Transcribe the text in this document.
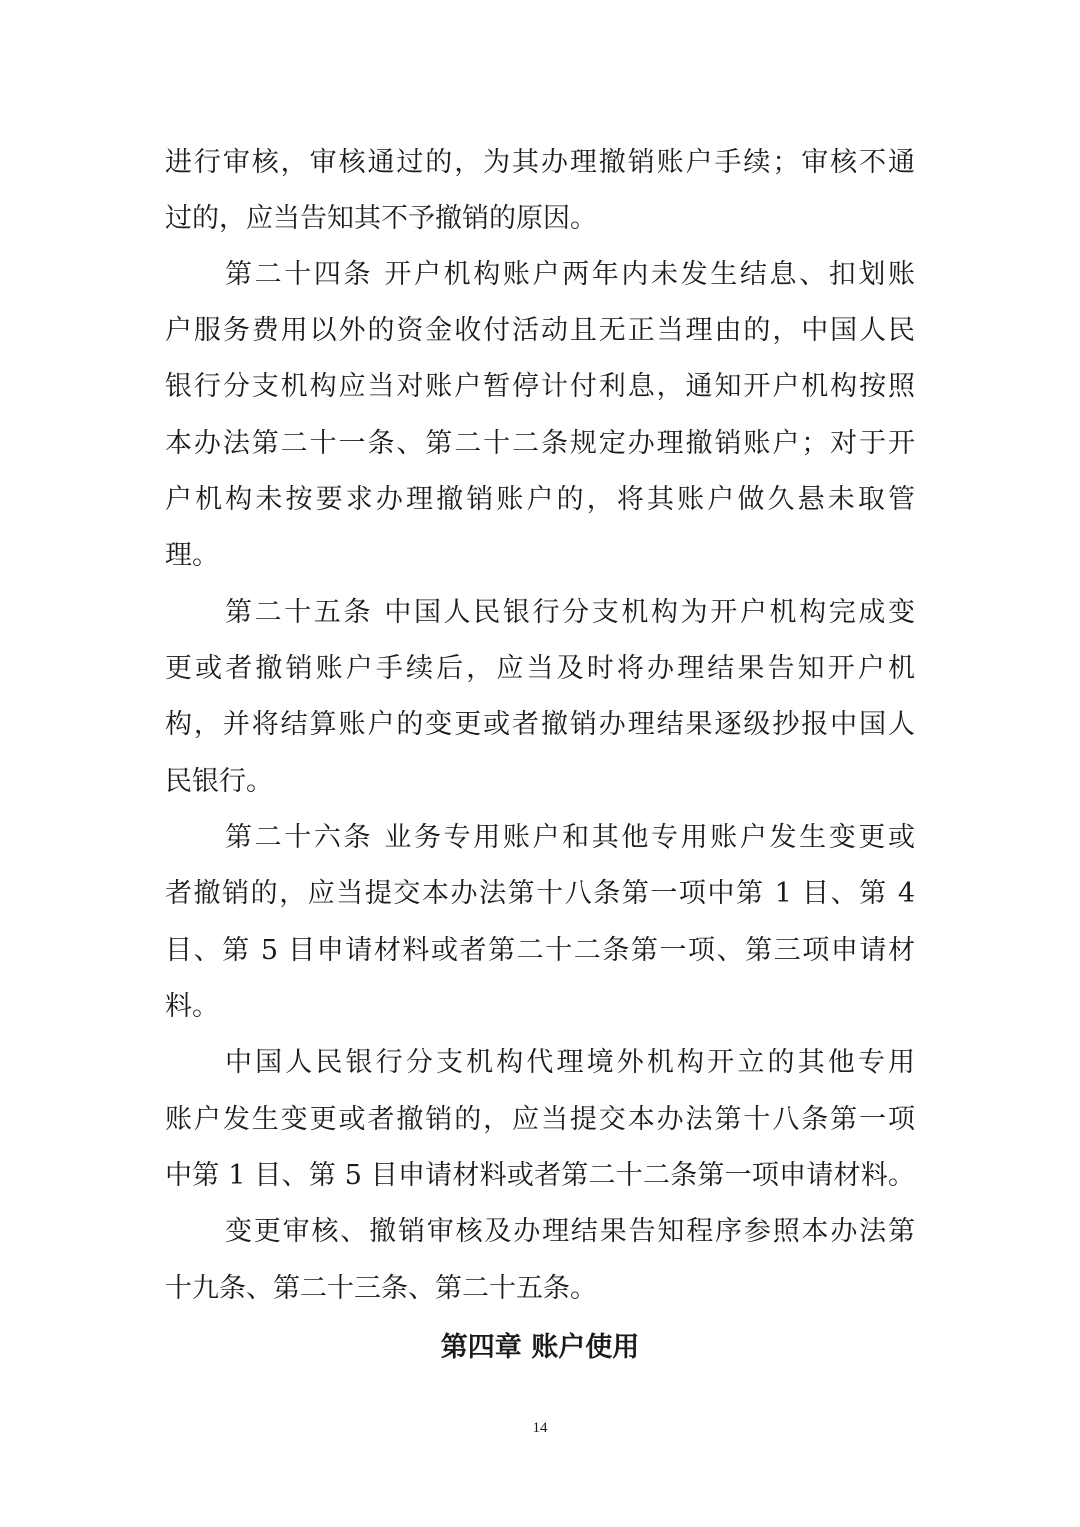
进行审核，审核通过的，为其办理撤销账户手续；审核不通
过的，应当告知其不予撤销的原因。
第二十四条 开户机构账户两年内未发生结息、扣划账
户服务费用以外的资金收付活动且无正当理由的，中国人民
银行分支机构应当对账户暂停计付利息，通知开户机构按照
本办法第二十一条、第二十二条规定办理撤销账户；对于开
户机构未按要求办理撤销账户的，将其账户做久悬未取管
理。
第二十五条 中国人民银行分支机构为开户机构完成变
更或者撤销账户手续后，应当及时将办理结果告知开户机
构，并将结算账户的变更或者撤销办理结果逐级抄报中国人
民银行。
第二十六条 业务专用账户和其他专用账户发生变更或
者撤销的，应当提交本办法第十八条第一项中第 1 目、第 4
目、第 5 目申请材料或者第二十二条第一项、第三项申请材
料。
中国人民银行分支机构代理境外机构开立的其他专用
账户发生变更或者撤销的，应当提交本办法第十八条第一项
中第 1 目、第 5 目申请材料或者第二十二条第一项申请材料。
变更审核、撤销审核及办理结果告知程序参照本办法第
十九条、第二十三条、第二十五条。
第四章 账户使用
14
